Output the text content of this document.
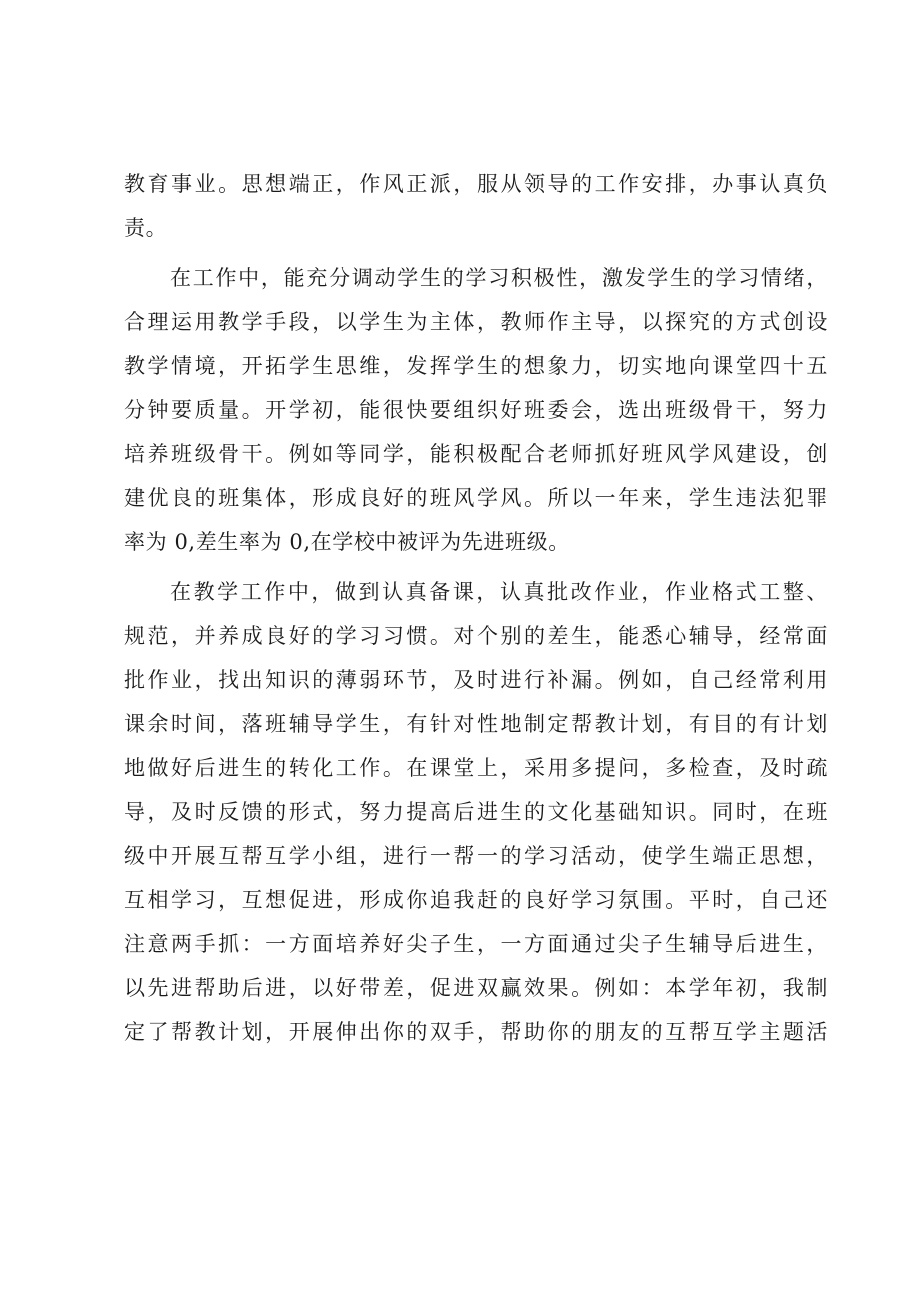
教育事业。思想端正，作风正派，服从领导的工作安排，办事认真负
责。
在工作中，能充分调动学生的学习积极性，激发学生的学习情绪，
合理运用教学手段，以学生为主体，教师作主导，以探究的方式创设
教学情境，开拓学生思维，发挥学生的想象力，切实地向课堂四十五
分钟要质量。开学初，能很快要组织好班委会，选出班级骨干，努力
培养班级骨干。例如等同学，能积极配合老师抓好班风学风建设，创
建优良的班集体，形成良好的班风学风。所以一年来，学生违法犯罪
率为 0,差生率为 0,在学校中被评为先进班级。
在教学工作中，做到认真备课，认真批改作业，作业格式工整、
规范，并养成良好的学习习惯。对个别的差生，能悉心辅导，经常面
批作业，找出知识的薄弱环节，及时进行补漏。例如，自己经常利用
课余时间，落班辅导学生，有针对性地制定帮教计划，有目的有计划
地做好后进生的转化工作。在课堂上，采用多提问，多检查，及时疏
导，及时反馈的形式，努力提高后进生的文化基础知识。同时，在班
级中开展互帮互学小组，进行一帮一的学习活动，使学生端正思想，
互相学习，互想促进，形成你追我赶的良好学习氛围。平时，自己还
注意两手抓：一方面培养好尖子生，一方面通过尖子生辅导后进生，
以先进帮助后进，以好带差，促进双赢效果。例如：本学年初，我制
定了帮教计划，开展伸出你的双手，帮助你的朋友的互帮互学主题活
